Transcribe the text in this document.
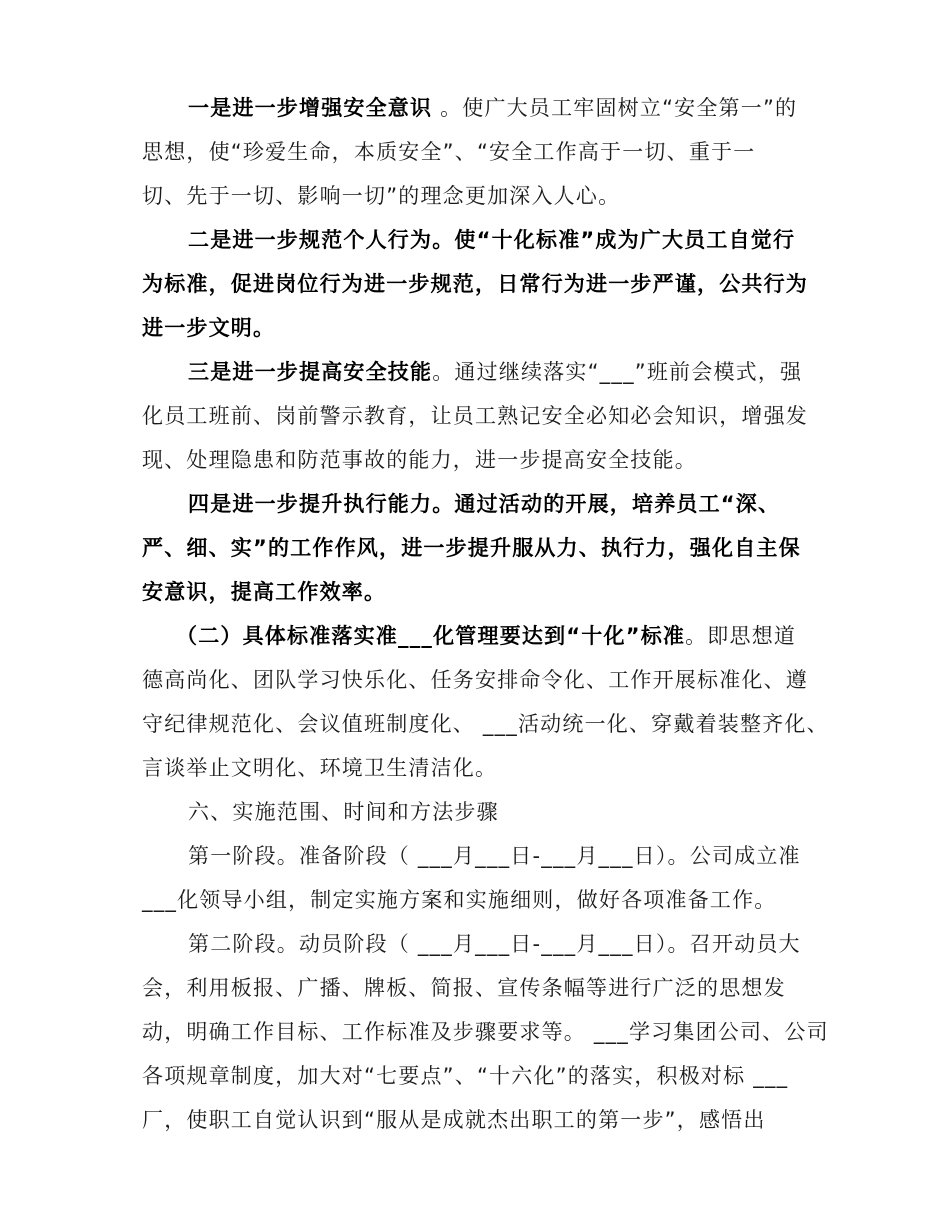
一是进一步增强安全意识 。使广大员工牢固树立“安全第一”的
思想，使“珍爱生命，本质安全”、“安全工作高于一切、重于一
切、先于一切、影响一切”的理念更加深入人心。
二是进一步规范个人行为。使“十化标准”成为广大员工自觉行
为标准，促进岗位行为进一步规范，日常行为进一步严谨，公共行为
进一步文明。
三是进一步提高安全技能。通过继续落实“___”班前会模式，强
化员工班前、岗前警示教育，让员工熟记安全必知必会知识，增强发
现、处理隐患和防范事故的能力，进一步提高安全技能。
四是进一步提升执行能力。通过活动的开展，培养员工“深、
严、细、实”的工作作风，进一步提升服从力、执行力，强化自主保
安意识，提高工作效率。
（二）具体标准落实准___化管理要达到“十化”标准。即思想道
德高尚化、团队学习快乐化、任务安排命令化、工作开展标准化、遵
守纪律规范化、会议值班制度化、 ___活动统一化、穿戴着装整齐化、
言谈举止文明化、环境卫生清洁化。
六、实施范围、时间和方法步骤
第一阶段。准备阶段（ ___月___日-___月___日）。公司成立准
___化领导小组，制定实施方案和实施细则，做好各项准备工作。
第二阶段。动员阶段（ ___月___日-___月___日）。召开动员大
会，利用板报、广播、牌板、简报、宣传条幅等进行广泛的思想发
动，明确工作目标、工作标准及步骤要求等。 ___学习集团公司、公司
各项规章制度，加大对“七要点”、“十六化”的落实，积极对标 ___
厂，使职工自觉认识到“服从是成就杰出职工的第一步”，感悟出
